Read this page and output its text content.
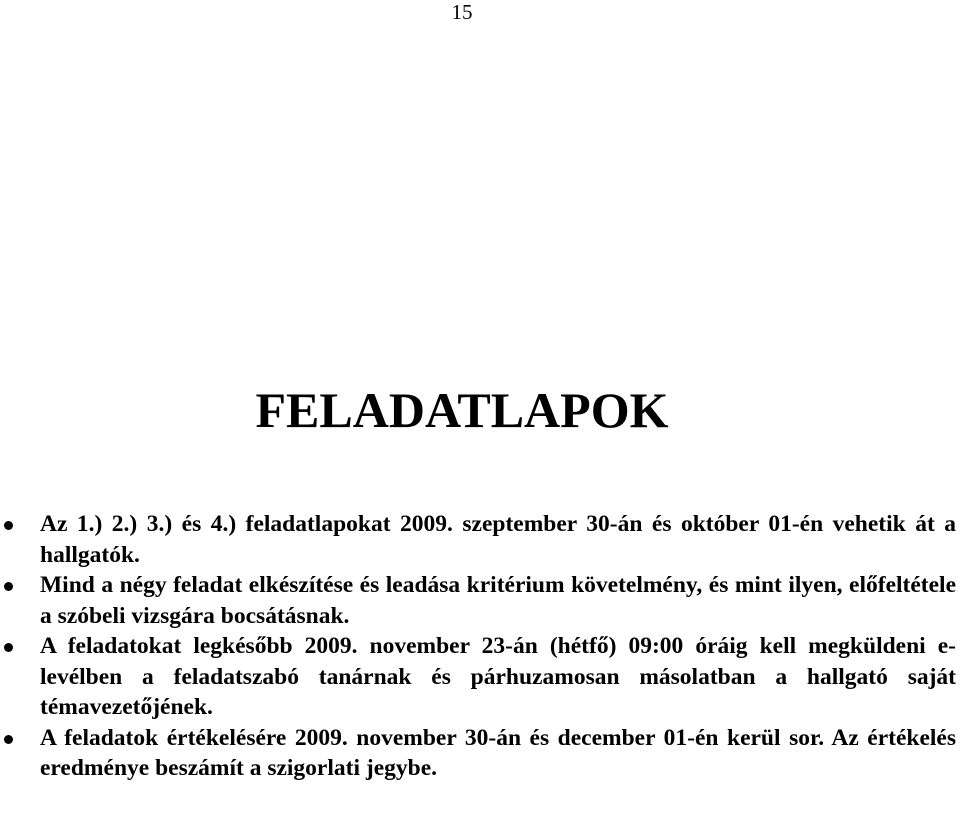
15
FELADATLAPOK
Az 1.) 2.) 3.) és 4.) feladatlapokat 2009. szeptember 30-án és október 01-én vehetik át a hallgatók.
Mind a négy feladat elkészítése és leadása kritérium követelmény, és mint ilyen, előfeltétele a szóbeli vizsgára bocsátásnak.
A feladatokat legkésőbb 2009. november 23-án (hétfő) 09:00 óráig kell megküldeni e-levélben a feladatszabó tanárnak és párhuzamosan másolatban a hallgató saját témavezetőjének.
A feladatok értékelésére 2009. november 30-án és december 01-én kerül sor. Az értékelés eredménye beszámít a szigorlati jegybe.
